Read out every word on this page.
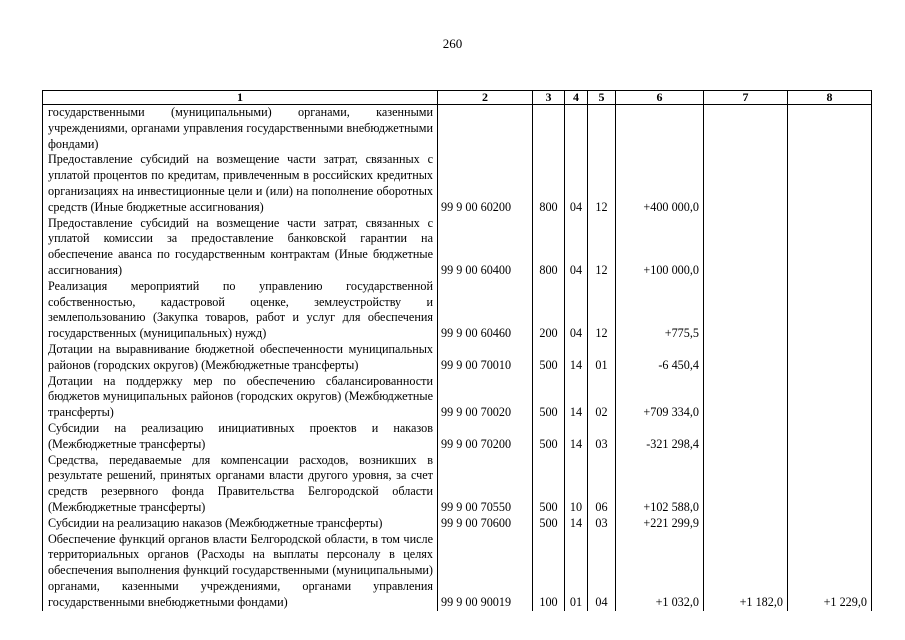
260
1	2	3	4	5	6	7	8
государственными (муниципальными) органами, казенными учреждениями, органами управления государственными внебюджетными фондами)							
Предоставление субсидий на возмещение части затрат, связанных с уплатой процентов по кредитам, привлеченным в российских кредитных организациях на инвестиционные цели и (или) на пополнение оборотных средств (Иные бюджетные ассигнования)	99 9 00 60200	800	04	12	+400 000,0		
Предоставление субсидий на возмещение части затрат, связанных с уплатой комиссии за предоставление банковской гарантии на обеспечение аванса по государственным контрактам (Иные бюджетные ассигнования)	99 9 00 60400	800	04	12	+100 000,0		
Реализация мероприятий по управлению государственной собственностью, кадастровой оценке, землеустройству и землепользованию (Закупка товаров, работ и услуг для обеспечения государственных (муниципальных) нужд)	99 9 00 60460	200	04	12	+775,5		
Дотации на выравнивание бюджетной обеспеченности муниципальных районов (городских округов) (Межбюджетные трансферты)	99 9 00 70010	500	14	01	-6 450,4		
Дотации на поддержку мер по обеспечению сбалансированности бюджетов муниципальных районов (городских округов) (Межбюджетные трансферты)	99 9 00 70020	500	14	02	+709 334,0		
Субсидии на реализацию инициативных проектов и наказов (Межбюджетные трансферты)	99 9 00 70200	500	14	03	-321 298,4		
Средства, передаваемые для компенсации расходов, возникших в результате решений, принятых органами власти другого уровня, за счет средств резервного фонда Правительства Белгородской области (Межбюджетные трансферты)	99 9 00 70550	500	10	06	+102 588,0		
Субсидии на реализацию наказов (Межбюджетные трансферты)	99 9 00 70600	500	14	03	+221 299,9		
Обеспечение функций органов власти Белгородской области, в том числе территориальных органов (Расходы на выплаты персоналу в целях обеспечения выполнения функций государственными (муниципальными) органами, казенными учреждениями, органами управления государственными внебюджетными фондами)	99 9 00 90019	100	01	04	+1 032,0	+1 182,0	+1 229,0
